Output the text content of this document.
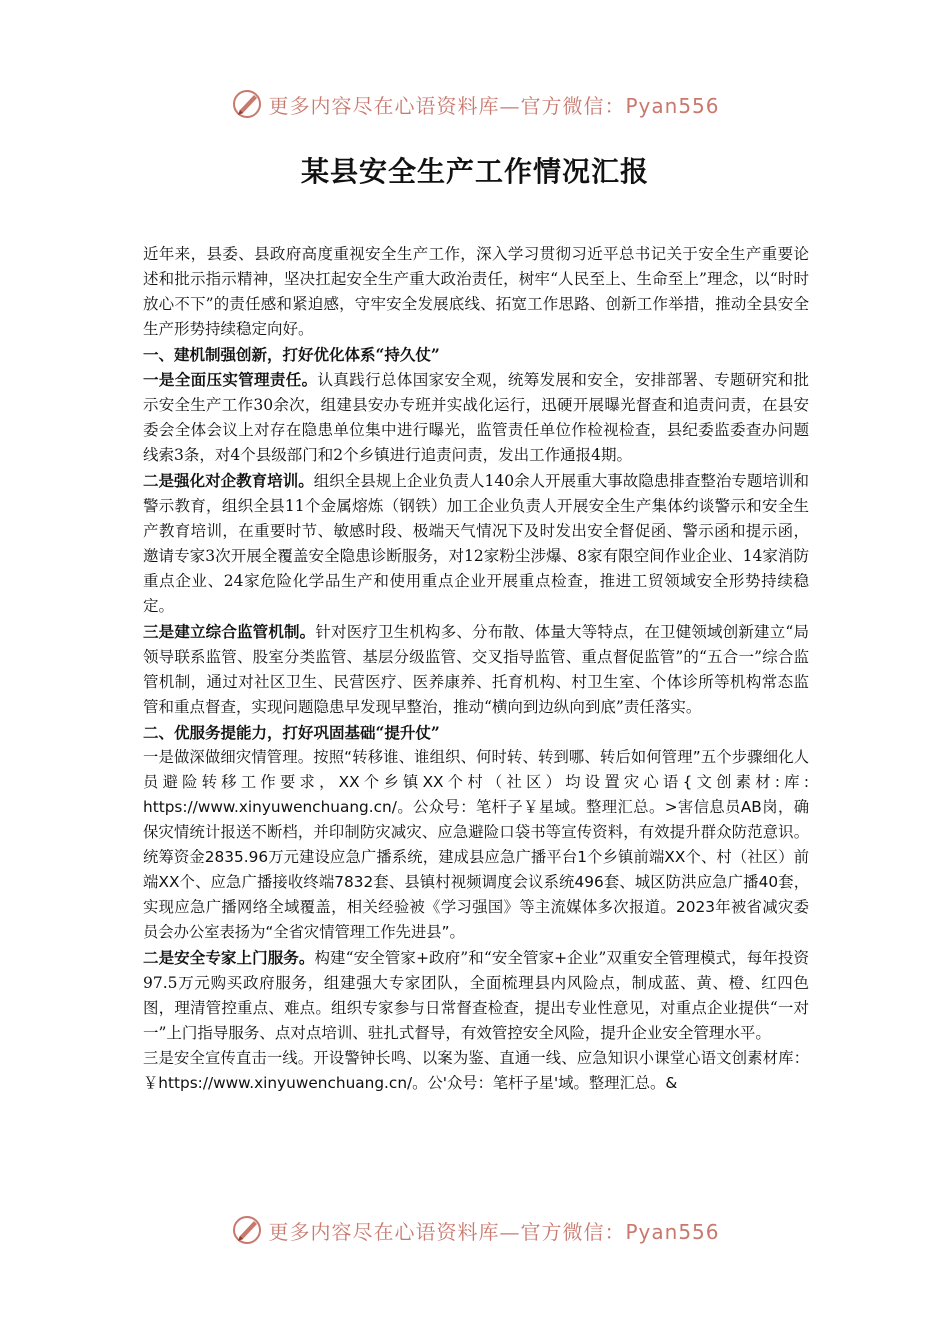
更多内容尽在心语资料库—官方微信：Pyan556
某县安全生产工作情况汇报

近年来，县委、县政府高度重视安全生产工作，深入学习贯彻习近平总书记关于安全生产重要论述和批示指示精神，坚决扛起安全生产重大政治责任，树牢“人民至上、生命至上”理念，以“时时放心不下”的责任感和紧迫感，守牢安全发展底线、拓宽工作思路、创新工作举措，推动全县安全生产形势持续稳定向好。

一、建机制强创新，打好优化体系“持久仗”

一是全面压实管理责任。认真践行总体国家安全观，统筹发展和安全，安排部署、专题研究和批示安全生产工作30余次，组建县安办专班并实战化运行，迅硬开展曝光督查和追责问责，在县安委会全体会议上对存在隐患单位集中进行曝光，监管责任单位作检视检查，县纪委监委查办问题线索3条，对4个县级部门和2个乡镇进行追责问责，发出工作通报4期。

二是强化对企教育培训。组织全县规上企业负责人140余人开展重大事故隐患排查整治专题培训和警示教育，组织全县11个金属熔炼（钢铁）加工企业负责人开展安全生产集体约谈警示和安全生产教育培训，在重要时节、敏感时段、极端天气情况下及时发出安全督促函、警示函和提示函，邀请专家3次开展全覆盖安全隐患诊断服务，对12家粉尘涉爆、8家有限空间作业企业、14家消防重点企业、24家危险化学品生产和使用重点企业开展重点检查，推进工贸领域安全形势持续稳定。

三是建立综合监管机制。针对医疗卫生机构多、分布散、体量大等特点，在卫健领域创新建立“局领导联系监管、股室分类监管、基层分级监管、交叉指导监管、重点督促监管”的“五合一”综合监管机制，通过对社区卫生、民营医疗、医养康养、托育机构、村卫生室、个体诊所等机构常态监管和重点督查，实现问题隐患早发现早整治，推动“横向到边纵向到底”责任落实。

二、优服务提能力，打好巩固基础“提升仗”

一是做深做细灾情管理。按照“转移谁、谁组织、何时转、转到哪、转后如何管理”五个步骤细化人员避险转移工作要求，XX个乡镇XX个村（社区）均设置灾心语{文创素材:库: https://www.xinyuwenchuang.cn/。公众号：笔杆子￥星域。整理汇总。>害信息员AB岗，确保灾情统计报送不断档，并印制防灾减灾、应急避险口袋书等宣传资料，有效提升群众防范意识。统筹资金2835.96万元建设应急广播系统，建成县应急广播平台1个乡镇前端XX个、村（社区）前端XX个、应急广播接收终端7832套、县镇村视频调度会议系统496套、城区防洪应急广播40套，实现应急广播网络全域覆盖，相关经验被《学习强国》等主流媒体多次报道。2023年被省减灾委员会办公室表扬为“全省灾情管理工作先进县”。

二是安全专家上门服务。构建“安全管家+政府”和“安全管家+企业”双重安全管理模式，每年投资97.5万元购买政府服务，组建强大专家团队，全面梳理县内风险点，制成蓝、黄、橙、红四色图，理清管控重点、难点。组织专家参与日常督查检查，提出专业性意见，对重点企业提供“一对一”上门指导服务、点对点培训、驻扎式督导，有效管控安全风险，提升企业安全管理水平。

三是安全宣传直击一线。开设警钟长鸣、以案为鉴、直通一线、应急知识小课堂心语文创素材库：￥https://www.xinyuwenchuang.cn/。公'众号：笔杆子星'域。整理汇总。&

更多内容尽在心语资料库—官方微信：Pyan556
